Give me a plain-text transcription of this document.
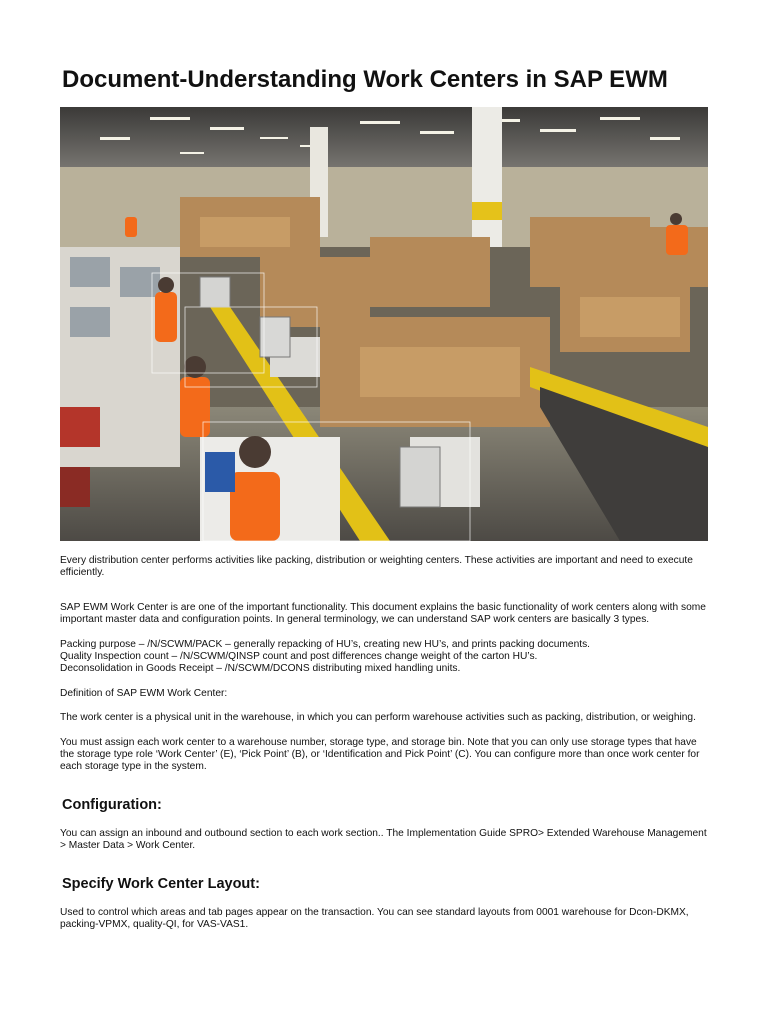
Document-Understanding Work Centers in SAP EWM

Every distribution center performs activities like packing, distribution or weighting centers. These activities are important and need to execute efficiently.

SAP EWM Work Center is are one of the important functionality. This document explains the basic functionality of work centers along with some important master data and configuration points. In general terminology, we can understand SAP work centers are basically 3 types.

Packing purpose – /N/SCWM/PACK – generally repacking of HU’s, creating new HU’s, and prints packing documents.

Quality Inspection count – /N/SCWM/QINSP count and post differences change weight of the carton HU’s.

Deconsolidation in Goods Receipt – /N/SCWM/DCONS distributing mixed handling units.

Definition of SAP EWM Work Center:

The work center is a physical unit in the warehouse, in which you can perform warehouse activities such as packing, distribution, or weighing.

You must assign each work center to a warehouse number, storage type, and storage bin. Note that you can only use storage types that have the storage type role ‘Work Center’ (E), ‘Pick Point’ (B), or ‘Identification and Pick Point’ (C). You can configure more than once work center for each storage type in the system.

Configuration:

You can assign an inbound and outbound section to each work section.. The Implementation Guide SPRO> Extended Warehouse Management > Master Data > Work Center.

Specify Work Center Layout:

Used to control which areas and tab pages appear on the transaction. You can see standard layouts from 0001 warehouse for Dcon-DKMX, packing-VPMX, quality-QI, for VAS-VAS1.
